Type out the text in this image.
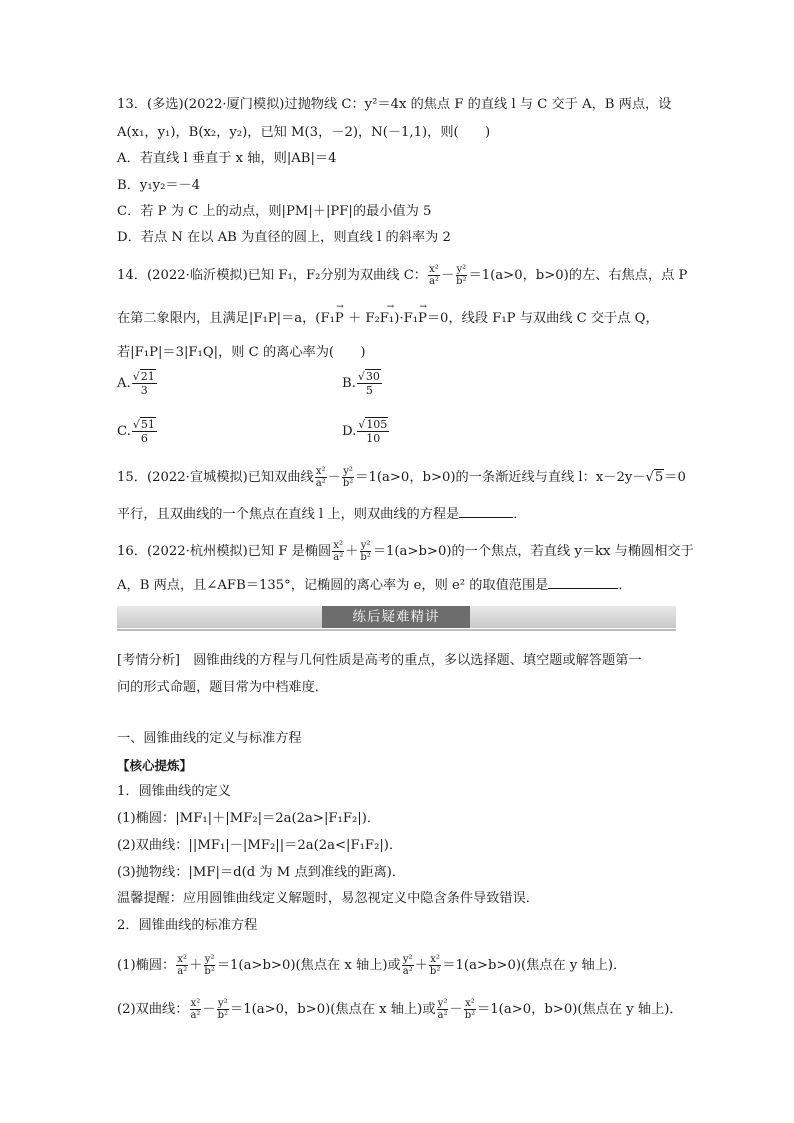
13．(多选)(2022·厦门模拟)过抛物线 C：y²＝4x 的焦点 F 的直线 l 与 C 交于 A，B 两点，设
A(x₁，y₁)，B(x₂，y₂)，已知 M(3，－2)，N(－1,1)，则(　　)
A．若直线 l 垂直于 x 轴，则|AB|＝4
B．y₁y₂＝－4
C．若 P 为 C 上的动点，则|PM|＋|PF|的最小值为 5
D．若点 N 在以 AB 为直径的圆上，则直线 l 的斜率为 2
14．(2022·临沂模拟)已知 F₁，F₂分别为双曲线 C： $\frac{\text{x²}}{\text{a²}} - \frac{\text{y²}}{\text{b²}} =1(a>0$，b>0)的左、右焦点，点 P
在第二象限内，且满足|F₁P|＝a，(
→
F₁P ＋
→
F₂F₁)·
→
F₁P＝0，线段 F₁P 与双曲线 C 交于点 Q，
若|F₁P|＝3|F₁Q|，则 C 的离心率为(　　)
A. $\frac{√21}{3}$	B. $\frac{√30}{5}$
C. $\frac{√51}{6}$	D. $\frac{√105}{10}$
15．(2022·宣城模拟)已知双曲线 $\frac{\text{x²}}{\text{a²}} - \frac{\text{y²}}{\text{b²}} =1(a>0$，b>0)的一条渐近线与直线 l：x－2y－√5＝0
平行，且双曲线的一个焦点在直线 l 上，则双曲线的方程是	．
16．(2022·杭州模拟)已知 F 是椭圆 $\frac{\text{x²}}{\text{a²}} + \frac{\text{y²}}{\text{b²}} =1(a>b>0)$的一个焦点，若直线 y＝kx 与椭圆相交于
A，B 两点，且∠AFB＝135°，记椭圆的离心率为 e，则 e² 的取值范围是	．
练后疑难精讲
[考情分析]　圆锥曲线的方程与几何性质是高考的重点，多以选择题、填空题或解答题第一
问的形式命题，题目常为中档难度．
一、圆锥曲线的定义与标准方程
【核心提炼】
1．圆锥曲线的定义
(1)椭圆：|MF₁|＋|MF₂|＝2a(2a>|F₁F₂|)．
(2)双曲线：||MF₁|－|MF₂||＝2a(2a<|F₁F₂|)．
(3)抛物线：|MF|＝d(d 为 M 点到准线的距离)．
温馨提醒：应用圆锥曲线定义解题时，易忽视定义中隐含条件导致错误．
2．圆锥曲线的标准方程
(1)椭圆： $\frac{\text{x²}}{\text{a²}} + \frac{\text{y²}}{\text{b²}} =1(a>b>0)$(焦点在 x 轴上)或 $\frac{\text{y²}}{\text{a²}} + \frac{\text{x²}}{\text{b²}} =1(a>b>0)$(焦点在 y 轴上)．
(2)双曲线： $\frac{\text{x²}}{\text{a²}} - \frac{\text{y²}}{\text{b²}} =1(a>0$，b>0)(焦点在 x 轴上)或 $\frac{\text{y²}}{\text{a²}} - \frac{\text{x²}}{\text{b²}} =1(a>0$，b>0)(焦点在 y 轴上)．
